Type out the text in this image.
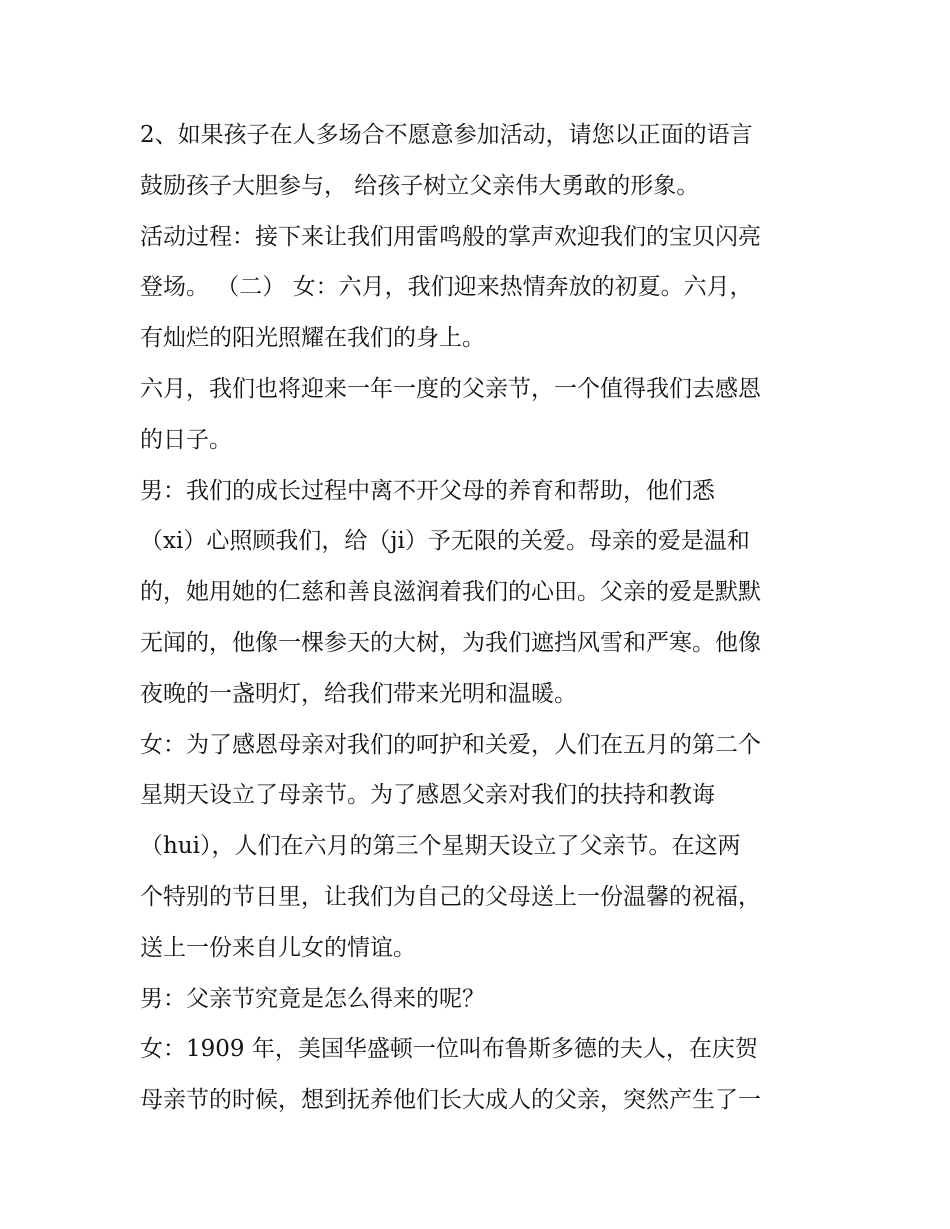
2、如果孩子在人多场合不愿意参加活动，请您以正面的语言
鼓励孩子大胆参与， 给孩子树立父亲伟大勇敢的形象。
活动过程：接下来让我们用雷鸣般的掌声欢迎我们的宝贝闪亮
登场。 （二） 女：六月，我们迎来热情奔放的初夏。六月，
有灿烂的阳光照耀在我们的身上。
六月，我们也将迎来一年一度的父亲节，一个值得我们去感恩
的日子。
男：我们的成长过程中离不开父母的养育和帮助，他们悉
（xi）心照顾我们，给（ji）予无限的关爱。母亲的爱是温和
的，她用她的仁慈和善良滋润着我们的心田。父亲的爱是默默
无闻的，他像一棵参天的大树，为我们遮挡风雪和严寒。他像
夜晚的一盏明灯，给我们带来光明和温暖。
女：为了感恩母亲对我们的呵护和关爱，人们在五月的第二个
星期天设立了母亲节。为了感恩父亲对我们的扶持和教诲
（hui），人们在六月的第三个星期天设立了父亲节。在这两
个特别的节日里，让我们为自己的父母送上一份温馨的祝福，
送上一份来自儿女的情谊。
男：父亲节究竟是怎么得来的呢？
女：1909 年，美国华盛顿一位叫布鲁斯多德的夫人，在庆贺
母亲节的时候，想到抚养他们长大成人的父亲，突然产生了一
